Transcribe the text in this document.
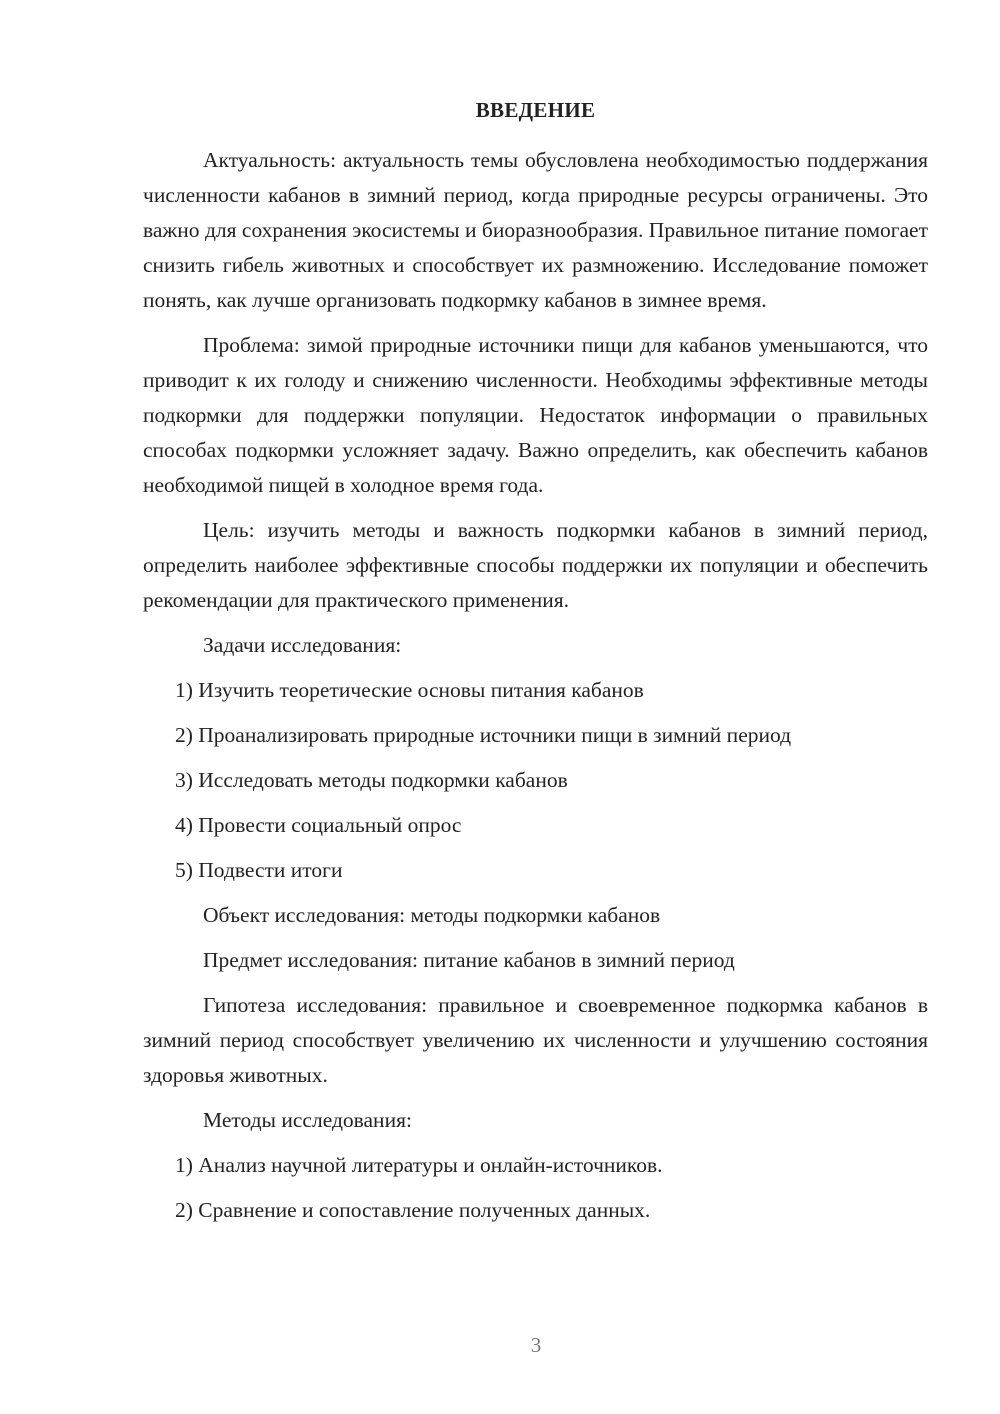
ВВЕДЕНИЕ

Актуальность: актуальность темы обусловлена необходимостью поддержания численности кабанов в зимний период, когда природные ресурсы ограничены. Это важно для сохранения экосистемы и биоразнообразия. Правильное питание помогает снизить гибель животных и способствует их размножению. Исследование поможет понять, как лучше организовать подкормку кабанов в зимнее время.

Проблема: зимой природные источники пищи для кабанов уменьшаются, что приводит к их голоду и снижению численности. Необходимы эффективные методы подкормки для поддержки популяции. Недостаток информации о правильных способах подкормки усложняет задачу. Важно определить, как обеспечить кабанов необходимой пищей в холодное время года.

Цель: изучить методы и важность подкормки кабанов в зимний период, определить наиболее эффективные способы поддержки их популяции и обеспечить рекомендации для практического применения.

Задачи исследования:

1) Изучить теоретические основы питания кабанов

2) Проанализировать природные источники пищи в зимний период

3) Исследовать методы подкормки кабанов

4) Провести социальный опрос

5) Подвести итоги

Объект исследования: методы подкормки кабанов

Предмет исследования: питание кабанов в зимний период

Гипотеза исследования: правильное и своевременное подкормка кабанов в зимний период способствует увеличению их численности и улучшению состояния здоровья животных.

Методы исследования:

1) Анализ научной литературы и онлайн-источников.

2) Сравнение и сопоставление полученных данных.

3
